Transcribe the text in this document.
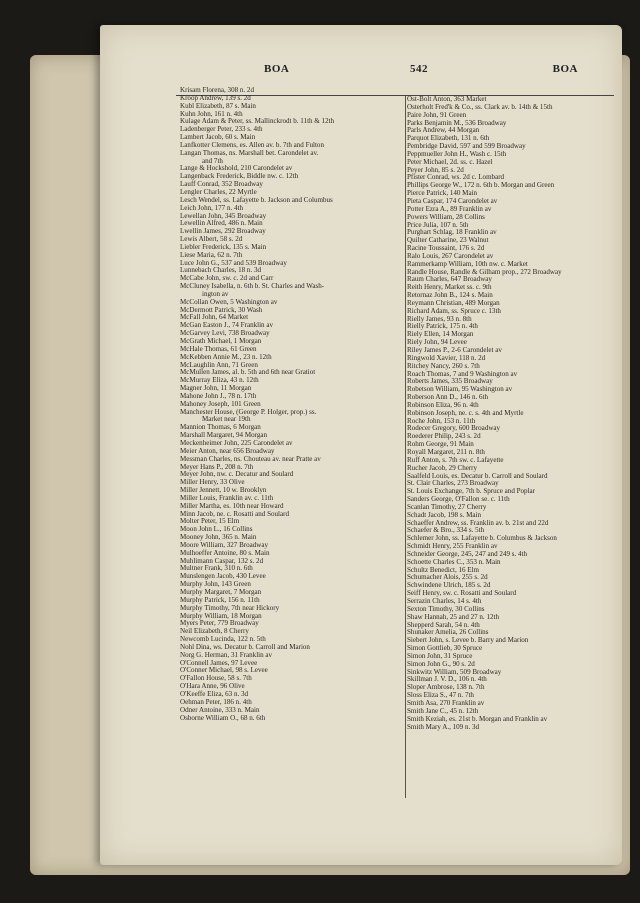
BOA	542	BOA
Krisam Florena, 308 n. 2d
Kroop Andrew, 139 s. 2d
Kubl Elizabeth, 87 s. Main
Kuhn John, 161 n. 4th
Kulage Adam & Peter, ss. Mallinckrodt b. 11th & 12th
Ladenberger Peter, 233 s. 4th
Lambert Jacob, 60 s. Main
Lanfkotter Clemens, es. Allen av. b. 7th and Fulton
Langan Thomas, ns. Marshall bet. Carondelet av.
and 7th
Lange & Hockshold, 210 Carondelet av
Langenback Frederick, Biddle nw. c. 12th
Lauff Conrad, 352 Broadway
Lengler Charles, 22 Myrtle
Lesch Wendel, ss. Lafayette b. Jackson and Columbus
Leich John, 177 n. 4th
Lewellan John, 345 Broadway
Lewellin Alfred, 486 n. Main
Lwellin James, 292 Broadway
Lewis Albert, 58 s. 2d
Liebler Frederick, 135 s. Main
Liese Maria, 62 n. 7th
Luce John G., 537 and 539 Broadway
Lunnebach Charles, 18 n. 3d
McCabe John, sw. c. 2d and Carr
McCluney Isabella, n. 6th b. St. Charles and Wash-
ington av
McCollan Owen, 5 Washington av
McDermott Patrick, 30 Wash
McFall John, 64 Market
McGan Easton J., 74 Franklin av
McGarvey Levi, 738 Broadway
McGrath Michael, 1 Morgan
McHale Thomas, 61 Green
McKebben Annie M., 23 n. 12th
McLaughlin Ann, 71 Green
McMullen James, al. b. 5th and 6th near Gratiot
McMurray Eliza, 43 n. 12th
Magner John, 11 Morgan
Mahone John J., 78 n. 17th
Mahoney Joseph, 101 Green
Manchester House, (George P. Holger, prop.) ss.
Market near 19th
Mannion Thomas, 6 Morgan
Marshall Margaret, 94 Morgan
Meckenheimer John, 225 Carondelet av
Meier Anton, near 656 Broadway
Messman Charles, ns. Chouteau av. near Pratte av
Meyer Hans P., 208 n. 7th
Meyer John, nw. c. Decatur and Soulard
Miller Henry, 33 Olive
Miller Jennett, 10 w. Brooklyn
Miller Louis, Franklin av. c. 11th
Miller Martha, es. 10th near Howard
Minn Jacob, ne. c. Rosatti and Soulard
Molter Peter, 15 Elm
Moon John L., 16 Collins
Mooney John, 365 n. Main
Moore William, 327 Broadway
Mulhoeffer Antoine, 80 s. Main
Muhlimann Caspar, 132 s. 2d
Multner Frank, 310 n. 6th
Munslengen Jacob, 430 Levee
Murphy John, 143 Green
Murphy Margaret, 7 Morgan
Murphy Patrick, 156 n. 11th
Murphy Timothy, 7th near Hickory
Murphy William, 18 Morgan
Myers Peter, 779 Broadway
Neil Elizabeth, 8 Cherry
Newcomb Lucinda, 122 n. 5th
Nohl Dina, ws. Decatur b. Carroll and Marion
Norg G. Herman, 31 Franklin av
O'Connell James, 97 Levee
O'Conner Michael, 98 s. Levee
O'Fallon House, 58 s. 7th
O'Hara Anne, 96 Olive
O'Keeffe Eliza, 63 n. 3d
Oehman Peter, 186 n. 4th
Odner Antoine, 333 n. Main
Osborne William O., 68 n. 6th
Ost-Bolt Anton, 363 Market
Osterholt Fred'k & Co., ss. Clark av. b. 14th & 15th
Paire John, 91 Green
Parks Benjamin M., 536 Broadway
Parls Andrew, 44 Morgan
Parquot Elizabeth, 131 n. 6th
Pembridge David, 597 and 599 Broadway
Peppmueller John H., Wash c. 15th
Peter Michael, 2d. ss. c. Hazel
Peyer John, 85 s. 2d
Pfister Conrad, ws. 2d c. Lombard
Phillips George W., 172 n. 6th b. Morgan and Green
Pierce Patrick, 140 Main
Pieta Caspar, 174 Carondelet av
Potter Ezra A., 89 Franklin av
Powers William, 28 Collins
Price Julia, 107 n. 5th
Purghart Schlag, 18 Franklin av
Quilter Catharine, 23 Walnut
Racine Toussaint, 176 s. 2d
Ralo Louis, 267 Carondelet av
Rammerkamp William, 10th nw. c. Market
Randle House, Randle & Gilham prop., 272 Broadway
Raum Charles, 647 Broadway
Reith Henry, Market ss. c. 9th
Retornaz John B., 124 s. Main
Reymann Christian, 489 Morgan
Richard Adam, ss. Spruce c. 13th
Rielly James, 93 n. 8th
Rielly Patrick, 175 n. 4th
Riely Ellen, 14 Morgan
Riely John, 94 Levee
Riley James P., 2-6 Carondelet av
Ringwold Xavier, 118 n. 2d
Ritchey Nancy, 260 s. 7th
Roach Thomas, 7 and 9 Washington av
Roberts James, 335 Broadway
Robetson William, 95 Washington av
Roberson Ann D., 146 n. 6th
Robinson Eliza, 96 n. 4th
Robinson Joseph, ne. c. s. 4th and Myrtle
Roche John, 153 n. 11th
Rodecer Gregory, 600 Broadway
Roederer Philip, 243 s. 2d
Rohm George, 91 Main
Royall Margaret, 211 n. 8th
Ruff Anton, s. 7th sw. c. Lafayette
Rucher Jacob, 29 Cherry
Saalfeld Louis, es. Decatur b. Carroll and Soulard
St. Clair Charles, 273 Broadway
St. Louis Exchange, 7th b. Spruce and Poplar
Sanders George, O'Fallon se. c. 11th
Scanlan Timothy, 27 Cherry
Schadt Jacob, 198 s. Main
Schaeffer Andrew, ss. Franklin av. b. 21st and 22d
Schaefer & Bro., 334 s. 5th
Schlemer John, ss. Lafayette b. Columbus & Jackson
Schmidt Henry, 255 Franklin av
Schneider George, 245, 247 and 249 s. 4th
Schoette Charles C., 353 n. Main
Schultz Benedict, 16 Elm
Schumacher Alois, 255 s. 2d
Schwindene Ulrich, 185 s. 2d
Seiff Henry, sw. c. Rosatti and Soulard
Serrazin Charles, 14 s. 4th
Sexton Timothy, 30 Collins
Shaw Hannah, 25 and 27 n. 12th
Shepperd Sarah, 54 n. 4th
Shunaker Amelia, 26 Collins
Siebert John, s. Levee b. Barry and Marion
Simon Gottlieb, 30 Spruce
Simon John, 31 Spruce
Simon John G., 90 s. 2d
Sinkwitz William, 509 Broadway
Skillman J. V. D., 106 n. 4th
Sloper Ambrose, 138 n. 7th
Sloss Eliza S., 47 n. 7th
Smith Asa, 270 Franklin av
Smith Jane C., 45 n. 12th
Smith Keziah, es. 21st b. Morgan and Franklin av
Smith Mary A., 109 n. 3d
